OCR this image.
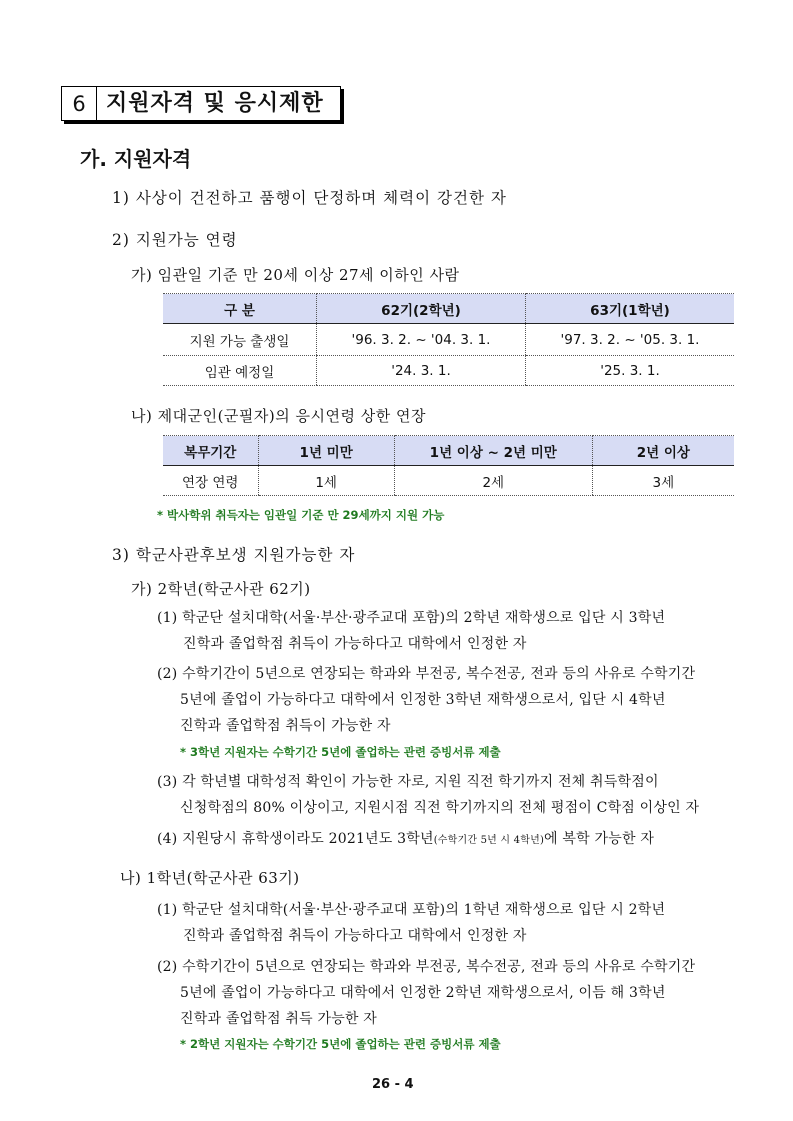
6 지원자격 및 응시제한
가. 지원자격
1) 사상이 건전하고 품행이 단정하며 체력이 강건한 자
2) 지원가능 연령
가) 임관일 기준 만 20세 이상 27세 이하인 사람
구 분	62기(2학년)	63기(1학년)
지원 가능 출생일	'96. 3. 2. ~ '04. 3. 1.	'97. 3. 2. ~ '05. 3. 1.
임관 예정일	'24. 3. 1.	'25. 3. 1.
나) 제대군인(군필자)의 응시연령 상한 연장
복무기간	1년 미만	1년 이상 ~ 2년 미만	2년 이상
연장 연령	1세	2세	3세
* 박사학위 취득자는 임관일 기준 만 29세까지 지원 가능
3) 학군사관후보생 지원가능한 자
가) 2학년(학군사관 62기)
(1) 학군단 설치대학(서울·부산·광주교대 포함)의 2학년 재학생으로 입단 시 3학년
진학과 졸업학점 취득이 가능하다고 대학에서 인정한 자
(2) 수학기간이 5년으로 연장되는 학과와 부전공, 복수전공, 전과 등의 사유로 수학기간
5년에 졸업이 가능하다고 대학에서 인정한 3학년 재학생으로서, 입단 시 4학년
진학과 졸업학점 취득이 가능한 자
* 3학년 지원자는 수학기간 5년에 졸업하는 관련 증빙서류 제출
(3) 각 학년별 대학성적 확인이 가능한 자로, 지원 직전 학기까지 전체 취득학점이
신청학점의 80% 이상이고, 지원시점 직전 학기까지의 전체 평점이 C학점 이상인 자
(4) 지원당시 휴학생이라도 2021년도 3학년(수학기간 5년 시 4학년)에 복학 가능한 자
나) 1학년(학군사관 63기)
(1) 학군단 설치대학(서울·부산·광주교대 포함)의 1학년 재학생으로 입단 시 2학년
진학과 졸업학점 취득이 가능하다고 대학에서 인정한 자
(2) 수학기간이 5년으로 연장되는 학과와 부전공, 복수전공, 전과 등의 사유로 수학기간
5년에 졸업이 가능하다고 대학에서 인정한 2학년 재학생으로서, 이듬 해 3학년
진학과 졸업학점 취득 가능한 자
* 2학년 지원자는 수학기간 5년에 졸업하는 관련 증빙서류 제출
26 - 4
